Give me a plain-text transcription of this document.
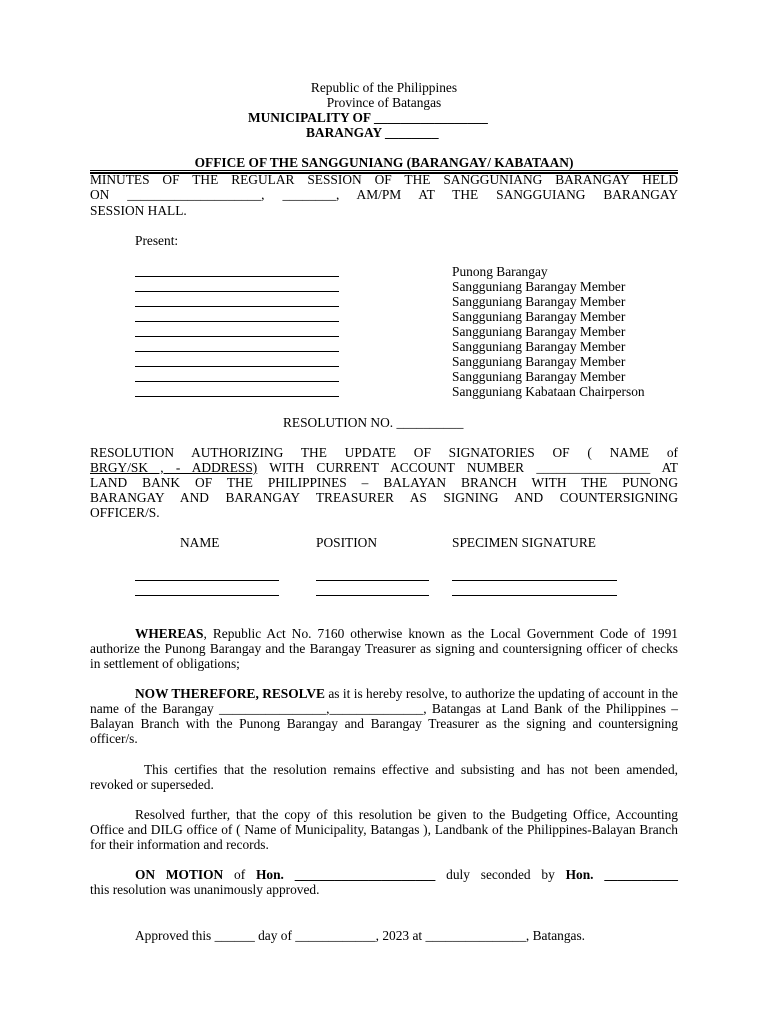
Republic of the Philippines
Province of Batangas
MUNICIPALITY OF _________________
BARANGAY ________
OFFICE OF THE SANGGUNIANG (BARANGAY/ KABATAAN)
MINUTES OF THE REGULAR SESSION OF THE SANGGUNIANG BARANGAY HELD
ON ____________________, ________, AM/PM AT THE SANGGUIANG BARANGAY
SESSION HALL.
Present:
Punong Barangay
Sangguniang Barangay Member
Sangguniang Barangay Member
Sangguniang Barangay Member
Sangguniang Barangay Member
Sangguniang Barangay Member
Sangguniang Barangay Member
Sangguniang Barangay Member
Sangguniang Kabataan Chairperson
RESOLUTION NO. __________
RESOLUTION AUTHORIZING THE UPDATE OF SIGNATORIES OF ( NAME of
BRGY/SK , - ADDRESS) WITH CURRENT ACCOUNT NUMBER _________________ AT
LAND BANK OF THE PHILIPPINES – BALAYAN BRANCH WITH THE PUNONG
BARANGAY AND BARANGAY TREASURER AS SIGNING AND COUNTERSIGNING
OFFICER/S.
NAME	POSITION	SPECIMEN SIGNATURE
WHEREAS, Republic Act No. 7160 otherwise known as the Local Government Code of 1991 authorize the Punong Barangay and the Barangay Treasurer as signing and countersigning officer of checks in settlement of obligations;
NOW THEREFORE, RESOLVE as it is hereby resolve, to authorize the updating of account in the name of the Barangay ________________,______________, Batangas at Land Bank of the Philippines – Balayan Branch with the Punong Barangay and Barangay Treasurer as the signing and countersigning officer/s.
This certifies that the resolution remains effective and subsisting and has not been amended, revoked or superseded.
Resolved further, that the copy of this resolution be given to the Budgeting Office, Accounting Office and DILG office of ( Name of Municipality, Batangas ), Landbank of the Philippines-Balayan Branch for their information and records.
ON MOTION of Hon. _____________________ duly seconded by Hon. ___________
this resolution was unanimously approved.
Approved this ______ day of ____________, 2023 at _______________, Batangas.
